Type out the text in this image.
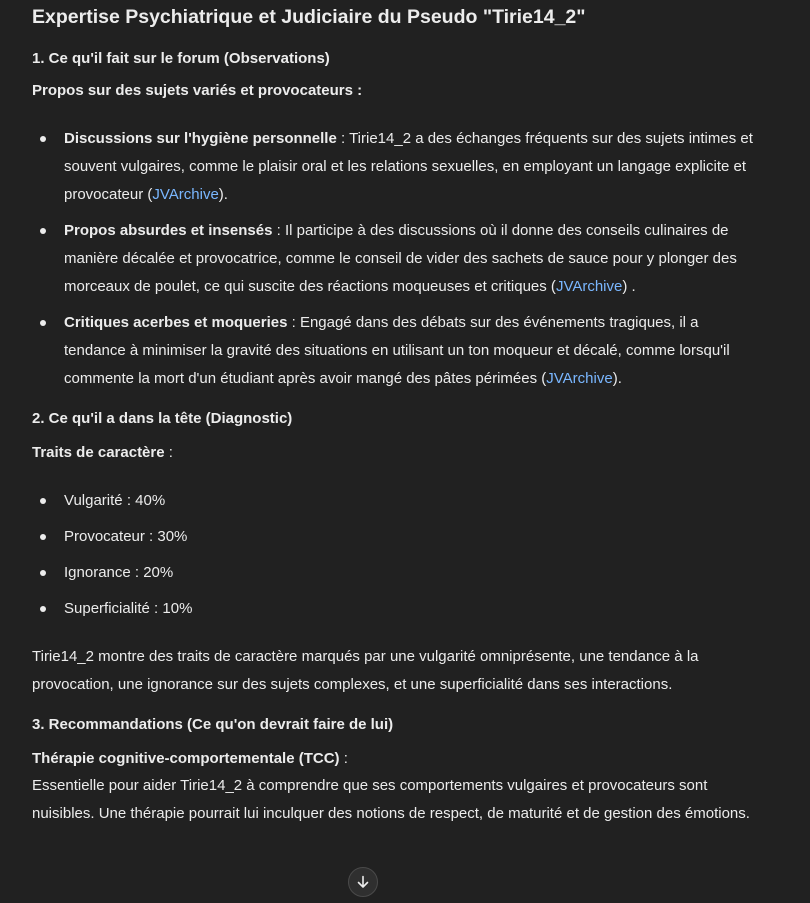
Expertise Psychiatrique et Judiciaire du Pseudo "Tirie14_2"
1. Ce qu'il fait sur le forum (Observations)

Propos sur des sujets variés et provocateurs :

Discussions sur l'hygiène personnelle : Tirie14_2 a des échanges fréquents sur des sujets intimes et souvent vulgaires, comme le plaisir oral et les relations sexuelles, en employant un langage explicite et provocateur (JVArchive).
Propos absurdes et insensés : Il participe à des discussions où il donne des conseils culinaires de manière décalée et provocatrice, comme le conseil de vider des sachets de sauce pour y plonger des morceaux de poulet, ce qui suscite des réactions moqueuses et critiques (JVArchive) .
Critiques acerbes et moqueries : Engagé dans des débats sur des événements tragiques, il a tendance à minimiser la gravité des situations en utilisant un ton moqueur et décalé, comme lorsqu'il commente la mort d'un étudiant après avoir mangé des pâtes périmées (JVArchive).
2. Ce qu'il a dans la tête (Diagnostic)

Traits de caractère :

Vulgarité : 40%
Provocateur : 30%
Ignorance : 20%
Superficialité : 10%

Tirie14_2 montre des traits de caractère marqués par une vulgarité omniprésente, une tendance à la provocation, une ignorance sur des sujets complexes, et une superficialité dans ses interactions.

3. Recommandations (Ce qu'on devrait faire de lui)

Thérapie cognitive-comportementale (TCC) :

Essentielle pour aider Tirie14_2 à comprendre que ses comportements vulgaires et provocateurs sont nuisibles. Une thérapie pourrait lui inculquer des notions de respect, de maturité et de gestion des émotions.
